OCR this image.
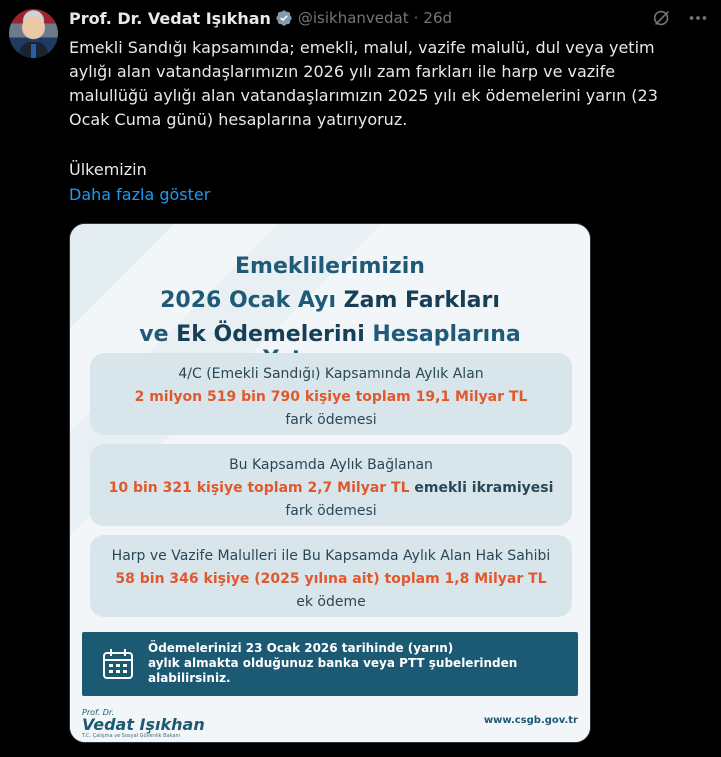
Prof. Dr. Vedat Işıkhan @isikhanvedat · 26d
Emekli Sandığı kapsamında; emekli, malul, vazife malulü, dul veya yetim aylığı alan vatandaşlarımızın 2026 yılı zam farkları ile harp ve vazife malullüğü aylığı alan vatandaşlarımızın 2025 yılı ek ödemelerini yarın (23 Ocak Cuma günü) hesaplarına yatırıyoruz.
Ülkemizin
Daha fazla göster
Emeklilerimizin
2026 Ocak Ayı Zam Farkları
ve Ek Ödemelerini Hesaplarına
4/C (Emekli Sandığı) Kapsamında Aylık Alan
2 milyon 519 bin 790 kişiye toplam 19,1 Milyar TL
fark ödemesi
Bu Kapsamda Aylık Bağlanan
10 bin 321 kişiye toplam 2,7 Milyar TL emekli ikramiyesi
fark ödemesi
Harp ve Vazife Malulleri ile Bu Kapsamda Aylık Alan Hak Sahibi
58 bin 346 kişiye (2025 yılına ait) toplam 1,8 Milyar TL
ek ödeme
Ödemelerinizi 23 Ocak 2026 tarihinde (yarın)
aylık almakta olduğunuz banka veya PTT şubelerinden
alabilirsiniz.
Prof. Dr.
Vedat Işıkhan
T.C. Çalışma ve Sosyal Güvenlik Bakanı
www.csgb.gov.tr
